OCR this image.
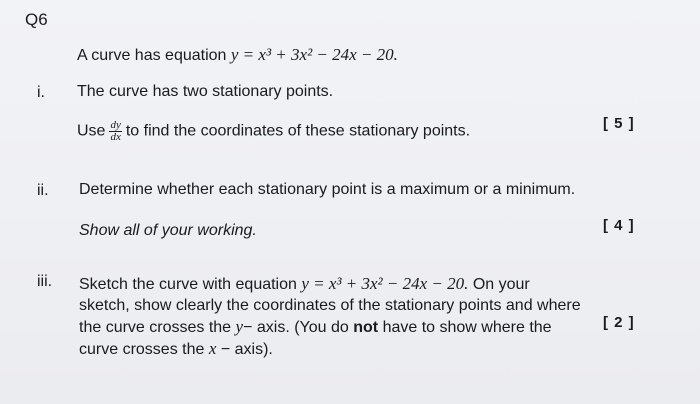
Q6
A curve has equation y = x³ + 3x² − 24x − 20.
i. The curve has two stationary points.
Use $\frac{dy}{dx}$ to find the coordinates of these stationary points.	[ 5 ]
ii. Determine whether each stationary point is a maximum or a minimum.
Show all of your working.	[ 4 ]
iii. Sketch the curve with equation y = x³ + 3x² − 24x − 20. On your
sketch, show clearly the coordinates of the stationary points and where
the curve crosses the y− axis. (You do not have to show where the
curve crosses the x − axis).
[ 2 ]
